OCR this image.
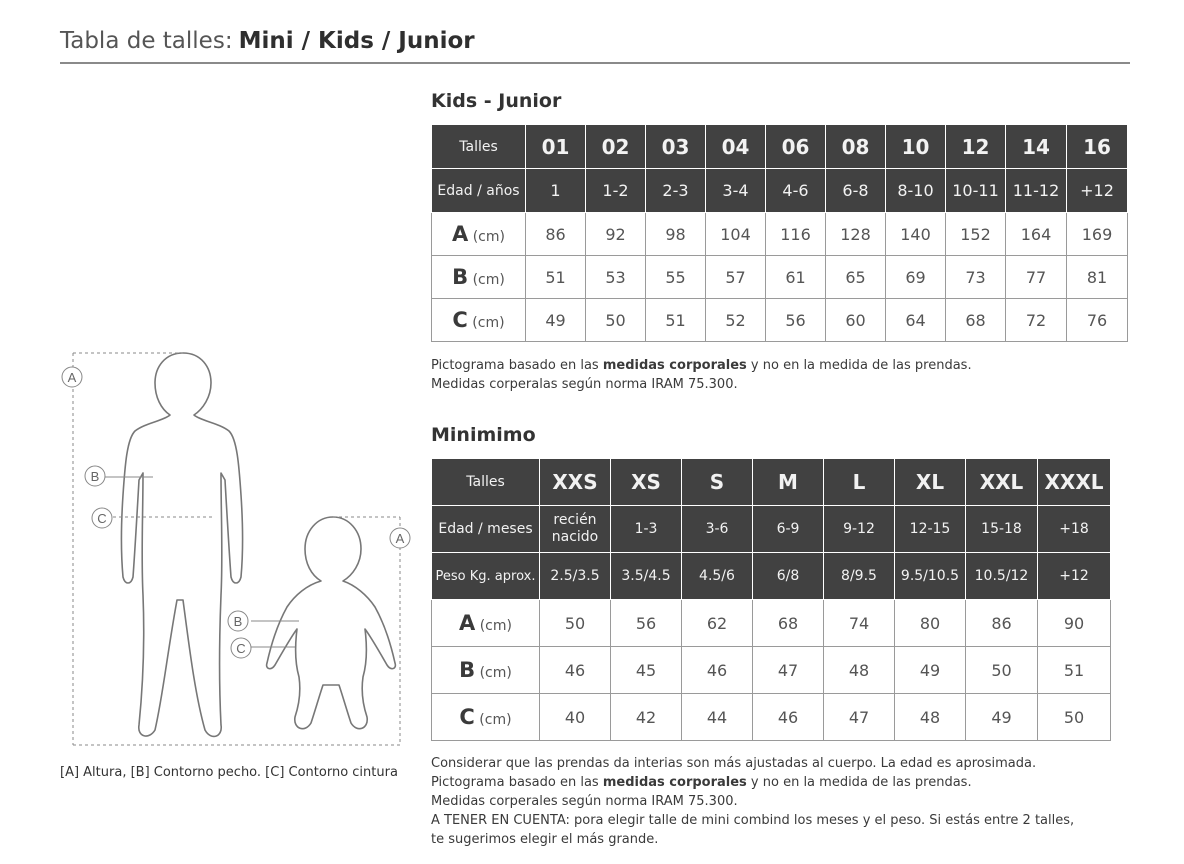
Tabla de talles: Mini / Kids / Junior
Kids - Junior
Talles	01	02	03	04	06	08	10	12	14	16
Edad / años	1	1-2	2-3	3-4	4-6	6-8	8-10	10-11	11-12	+12
A (cm)	86	92	98	104	116	128	140	152	164	169
B (cm)	51	53	55	57	61	65	69	73	77	81
C (cm)	49	50	51	52	56	60	64	68	72	76
Pictograma basado en las medidas corporales y no en la medida de las prendas.
Medidas corperalas según norma IRAM 75.300.
Minimimo
Talles	XXS	XS	S	M	L	XL	XXL	XXXL
Edad / meses	recién nacido	1-3	3-6	6-9	9-12	12-15	15-18	+18
Peso Kg. aprox.	2.5/3.5	3.5/4.5	4.5/6	6/8	8/9.5	9.5/10.5	10.5/12	+12
A (cm)	50	56	62	68	74	80	86	90
B (cm)	46	45	46	47	48	49	50	51
C (cm)	40	42	44	46	47	48	49	50
Considerar que las prendas da interias son más ajustadas al cuerpo. La edad es aprosimada.
Pictograma basado en las medidas corporales y no en la medida de las prendas.
Medidas corperales según norma IRAM 75.300.
A TENER EN CUENTA: pora elegir talle de mini combind los meses y el peso. Si estás entre 2 talles,
te sugerimos elegir el más grande.
A
B
C
A
B
C
[A] Altura, [B] Contorno pecho. [C] Contorno cintura
